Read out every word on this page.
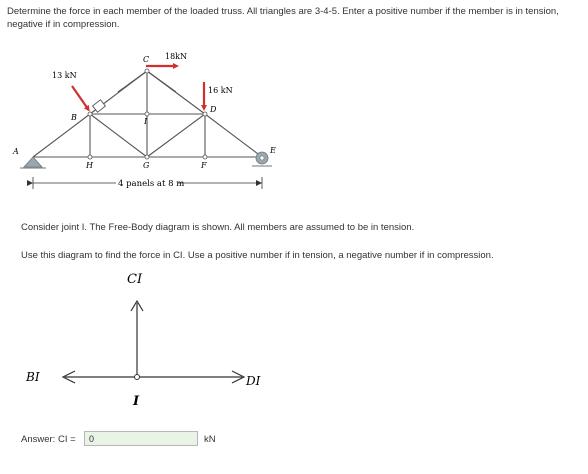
Determine the force in each member of the loaded truss. All triangles are 3-4-5. Enter a positive number if the member is in tension, negative if in compression.
13 kN
18kN
16 kN
A
B
C
D
E
F
G
H
I
4 panels at 8 m
CI
BI	DI
I
Consider joint I. The Free-Body diagram is shown. All members are assumed to be in tension.
Use this diagram to find the force in CI. Use a positive number if in tension, a negative number if in compression.
Answer: CI =
0	kN
